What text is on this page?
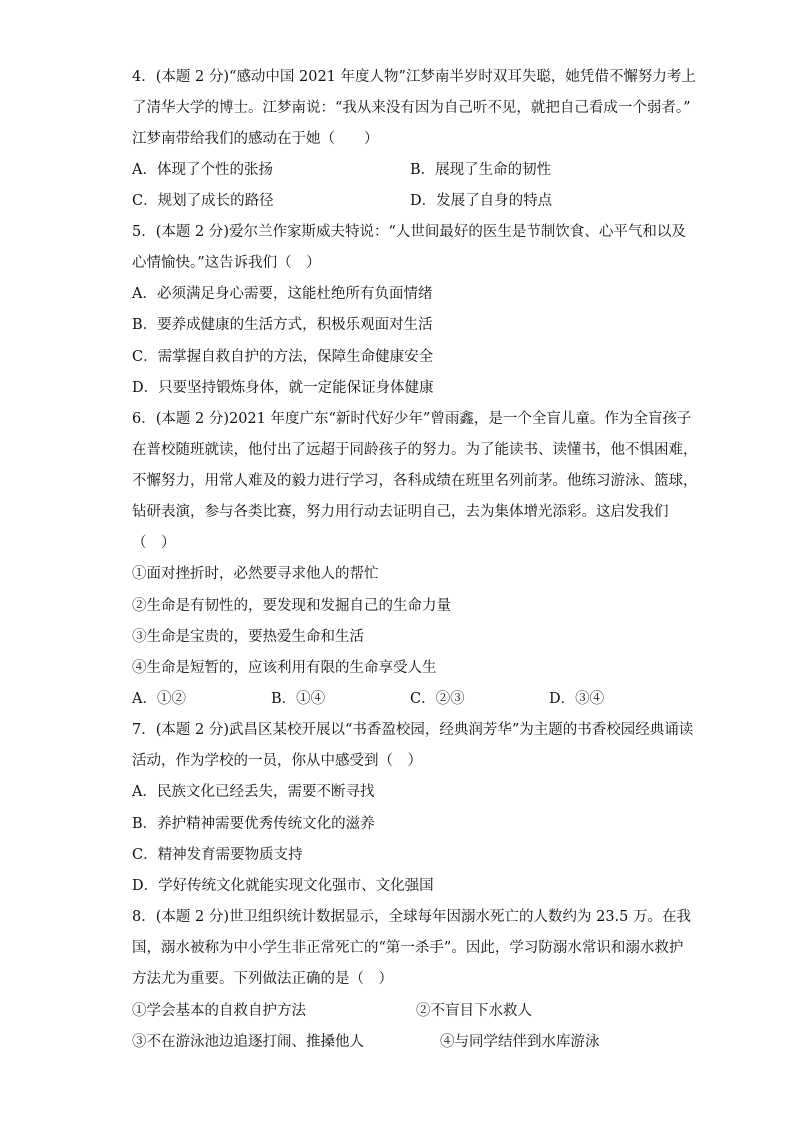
4．(本题 2 分)“感动中国 2021 年度人物”江梦南半岁时双耳失聪，她凭借不懈努力考上
了清华大学的博士。江梦南说：“我从来没有因为自己听不见，就把自己看成一个弱者。”
江梦南带给我们的感动在于她（　　）
A．体现了个性的张扬	B．展现了生命的韧性
C．规划了成长的路径	D．发展了自身的特点
5．(本题 2 分)爱尔兰作家斯威夫特说：“人世间最好的医生是节制饮食、心平气和以及
心情愉快。”这告诉我们（　）
A．必须满足身心需要，这能杜绝所有负面情绪
B．要养成健康的生活方式，积极乐观面对生活
C．需掌握自救自护的方法，保障生命健康安全
D．只要坚持锻炼身体，就一定能保证身体健康
6．(本题 2 分)2021 年度广东“新时代好少年”曾雨鑫，是一个全盲儿童。作为全盲孩子
在普校随班就读，他付出了远超于同龄孩子的努力。为了能读书、读懂书，他不惧困难，
不懈努力，用常人难及的毅力进行学习，各科成绩在班里名列前茅。他练习游泳、篮球，
钻研表演，参与各类比赛，努力用行动去证明自己，去为集体增光添彩。这启发我们
（　）
①面对挫折时，必然要寻求他人的帮忙
②生命是有韧性的，要发现和发掘自己的生命力量
③生命是宝贵的，要热爱生命和生活
④生命是短暂的，应该利用有限的生命享受人生
A．①②	B．①④	C．②③	D．③④
7．(本题 2 分)武昌区某校开展以“书香盈校园，经典润芳华”为主题的书香校园经典诵读
活动，作为学校的一员，你从中感受到（　）
A．民族文化已经丢失，需要不断寻找
B．养护精神需要优秀传统文化的滋养
C．精神发育需要物质支持
D．学好传统文化就能实现文化强市、文化强国
8．(本题 2 分)世卫组织统计数据显示，全球每年因溺水死亡的人数约为 23.5 万。在我
国，溺水被称为中小学生非正常死亡的“第一杀手”。因此，学习防溺水常识和溺水救护
方法尤为重要。下列做法正确的是（　）
①学会基本的自救自护方法	②不盲目下水救人
③不在游泳池边追逐打闹、推搡他人	④与同学结伴到水库游泳
